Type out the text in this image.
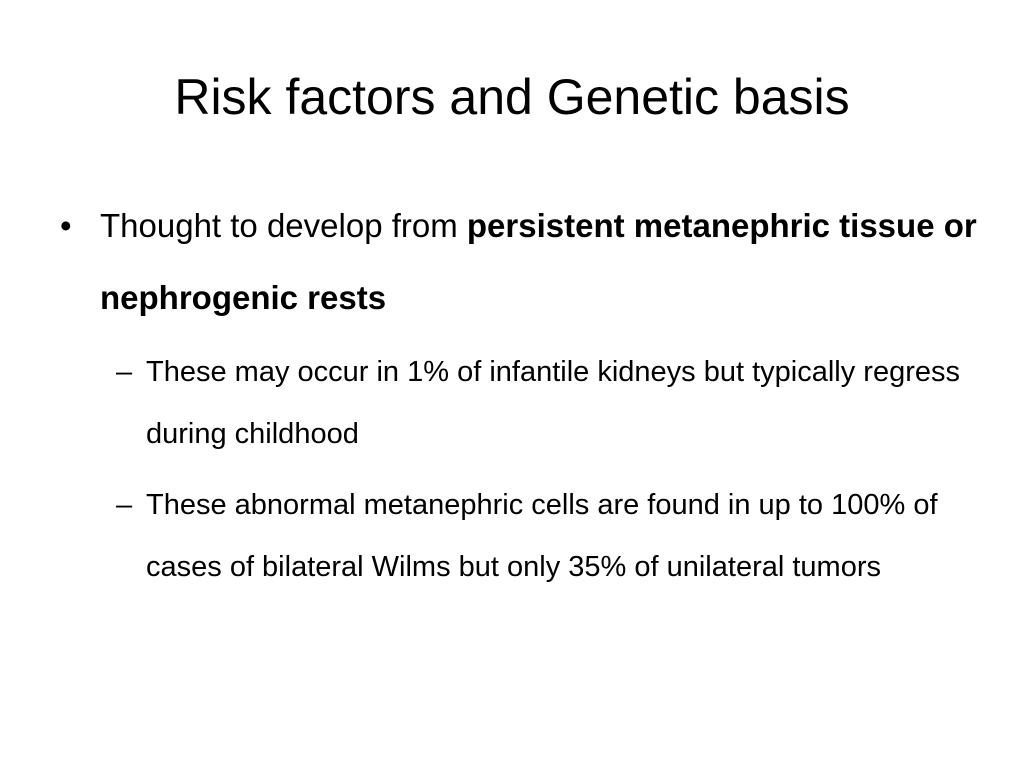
Risk factors and Genetic basis
• Thought to develop from persistent metanephric tissue or nephrogenic rests
– These may occur in 1% of infantile kidneys but typically regress during childhood
– These abnormal metanephric cells are found in up to 100% of cases of bilateral Wilms but only 35% of unilateral tumors
